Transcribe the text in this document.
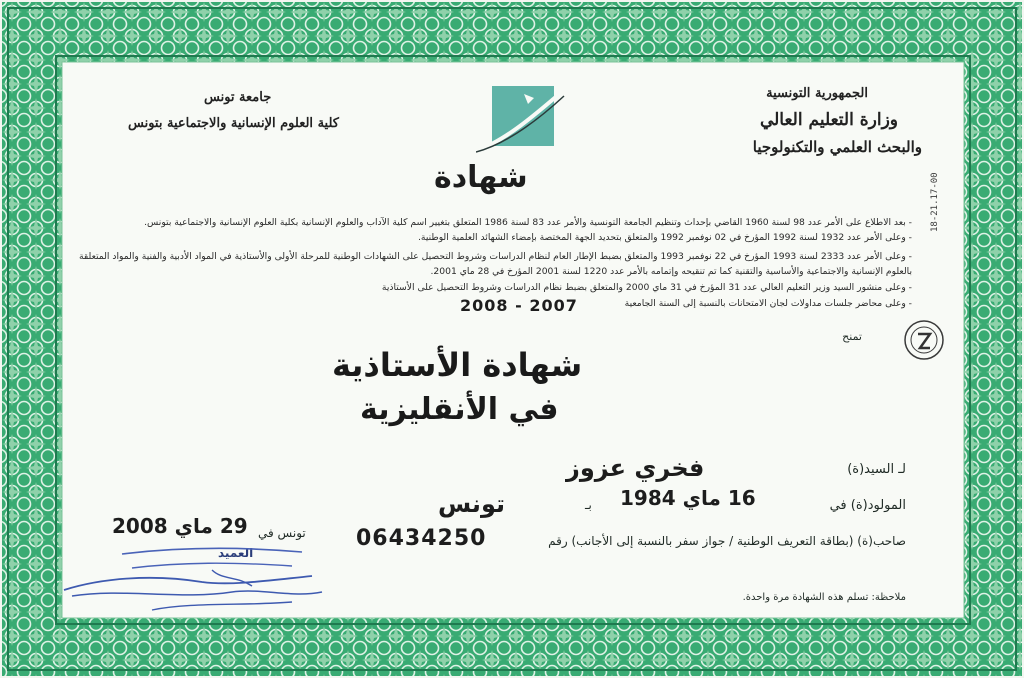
الجمهورية التونسية
وزارة التعليم العالي
والبحث العلمي والتكنولوجيا
جامعة تونس
كلية العلوم الإنسانية والاجتماعية بتونس
شهادة
- بعد الاطلاع على الأمر عدد 98 لسنة 1960 القاضي بإحداث وتنظيم الجامعة التونسية والأمر عدد 83 لسنة 1986 المتعلق بتغيير اسم كلية الآداب والعلوم الإنسانية بكلية العلوم الإنسانية والاجتماعية بتونس.
- وعلى الأمر عدد 1932 لسنة 1992 المؤرخ في 02 نوفمبر 1992 والمتعلق بتحديد الجهة المختصة بإمضاء الشهائد العلمية الوطنية.
- وعلى الأمر عدد 2333 لسنة 1993 المؤرخ في 22 نوفمبر 1993 والمتعلق بضبط الإطار العام لنظام الدراسات وشروط التحصيل على الشهادات الوطنية للمرحلة الأولى والأستاذية في المواد الأدبية والفنية والمواد المتعلقة
بالعلوم الإنسانية والاجتماعية والأساسية والتقنية كما تم تنقيحه وإتمامه بالأمر عدد 1220 لسنة 2001 المؤرخ في 28 ماي 2001.
- وعلى منشور السيد وزير التعليم العالي عدد 31 المؤرخ في 31 ماي 2000 والمتعلق بضبط نظام الدراسات وشروط التحصيل على الأستاذية
- وعلى محاضر جلسات مداولات لجان الامتحانات بالنسبة إلى السنة الجامعية
2008 - 2007
تمنح
18-21.17-00
شهادة الأستاذية
في الأنقليزية
لـ السيد(ة)
فخري عزوز
المولود(ة) في
16 ماي 1984
بـ
تونس
صاحب(ة) (بطاقة التعريف الوطنية / جواز سفر بالنسبة إلى الأجانب) رقم
06434250
ملاحظة: تسلم هذه الشهادة مرة واحدة.
تونس في
29 ماي 2008
العميد
